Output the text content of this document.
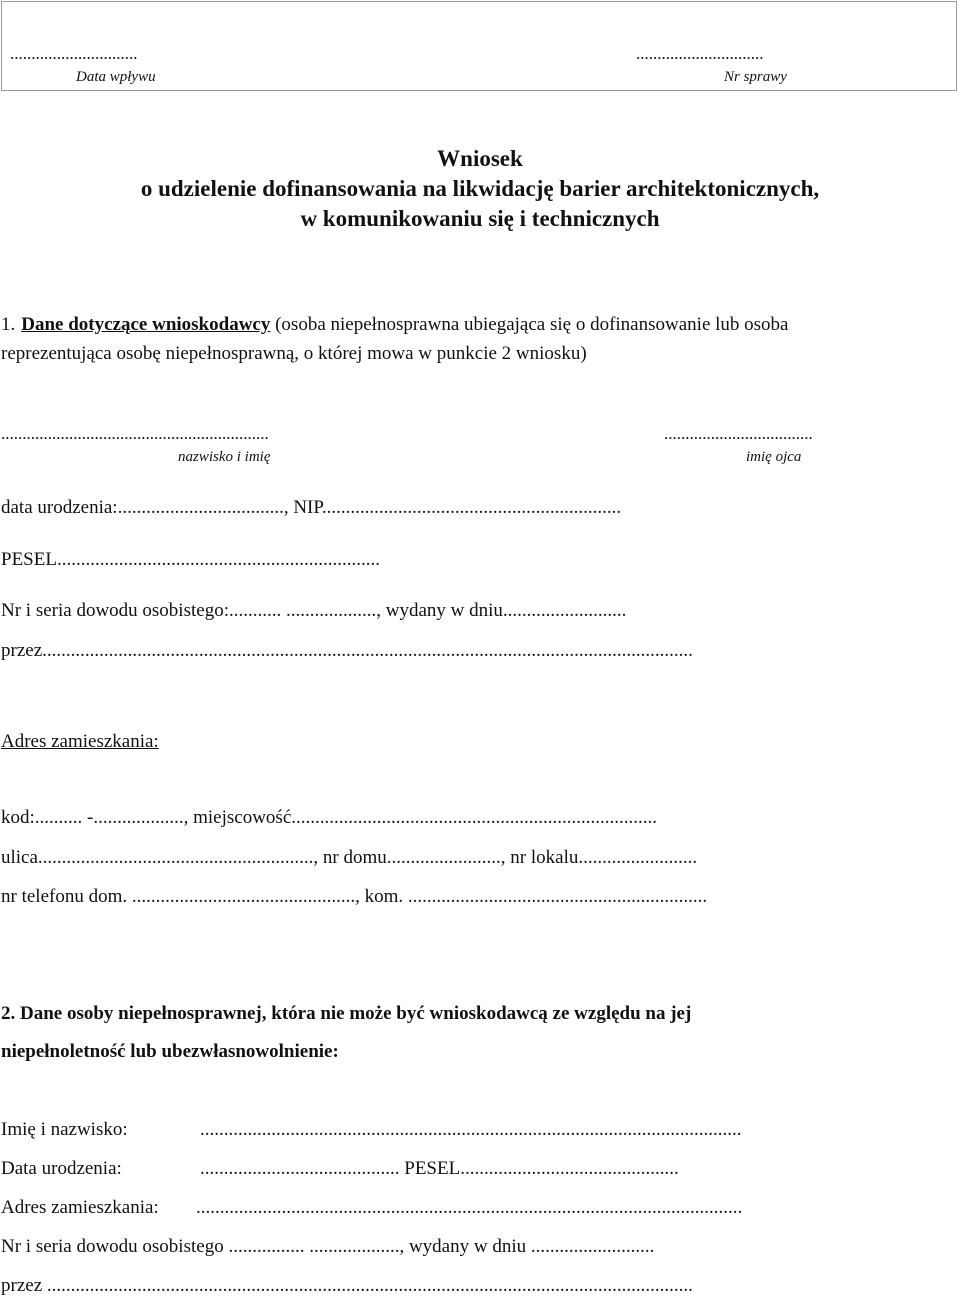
..............................
Data wpływu
..............................
Nr sprawy
Wniosek
o udzielenie dofinansowania na likwidację barier architektonicznych,
w komunikowaniu się i technicznych
1. Dane dotyczące wnioskodawcy (osoba niepełnosprawna ubiegająca się o dofinansowanie lub osoba
reprezentująca osobę niepełnosprawną, o której mowa w punkcie 2 wniosku)
...............................................................
nazwisko i imię
...................................
imię ojca
data urodzenia:..................................., NIP...............................................................
PESEL....................................................................
Nr i seria dowodu osobistego:........... ..................., wydany w dniu..........................
przez.........................................................................................................................................
Adres zamieszkania:
kod:.......... -..................., miejscowość.............................................................................
ulica.........................................................., nr domu........................, nr lokalu.........................
nr telefonu dom. ..............................................., kom. ...............................................................
2. Dane osoby niepełnosprawnej, która nie może być wnioskodawcą ze względu na jej
niepełnoletność lub ubezwłasnowolnienie:
Imię i nazwisko:	..................................................................................................................
Data urodzenia:	.......................................... PESEL..............................................
Adres zamieszkania: ...................................................................................................................
Nr i seria dowodu osobistego ................ ..................., wydany w dniu ..........................
przez ........................................................................................................................................
